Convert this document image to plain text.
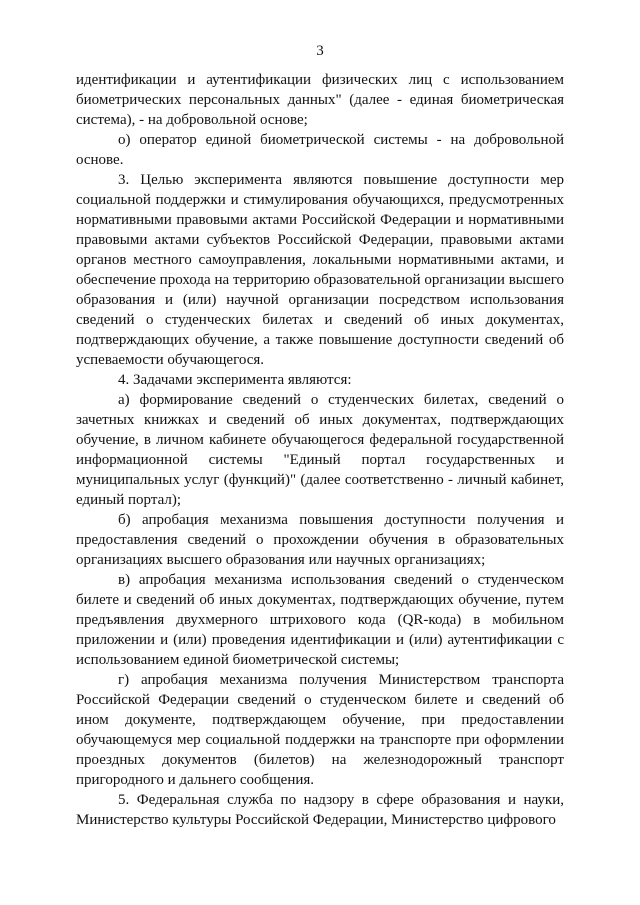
3

идентификации и аутентификации физических лиц с использованием биометрических персональных данных" (далее - единая биометрическая система), - на добровольной основе;

о) оператор единой биометрической системы - на добровольной основе.

3. Целью эксперимента являются повышение доступности мер социальной поддержки и стимулирования обучающихся, предусмотренных нормативными правовыми актами Российской Федерации и нормативными правовыми актами субъектов Российской Федерации, правовыми актами органов местного самоуправления, локальными нормативными актами, и обеспечение прохода на территорию образовательной организации высшего образования и (или) научной организации посредством использования сведений о студенческих билетах и сведений об иных документах, подтверждающих обучение, а также повышение доступности сведений об успеваемости обучающегося.

4. Задачами эксперимента являются:

а) формирование сведений о студенческих билетах, сведений о зачетных книжках и сведений об иных документах, подтверждающих обучение, в личном кабинете обучающегося федеральной государственной информационной системы "Единый портал государственных и муниципальных услуг (функций)" (далее соответственно - личный кабинет, единый портал);

б) апробация механизма повышения доступности получения и предоставления сведений о прохождении обучения в образовательных организациях высшего образования или научных организациях;

в) апробация механизма использования сведений о студенческом билете и сведений об иных документах, подтверждающих обучение, путем предъявления двухмерного штрихового кода (QR-кода) в мобильном приложении и (или) проведения идентификации и (или) аутентификации с использованием единой биометрической системы;

г) апробация механизма получения Министерством транспорта Российской Федерации сведений о студенческом билете и сведений об ином документе, подтверждающем обучение, при предоставлении обучающемуся мер социальной поддержки на транспорте при оформлении проездных документов (билетов) на железнодорожный транспорт пригородного и дальнего сообщения.

5. Федеральная служба по надзору в сфере образования и науки, Министерство культуры Российской Федерации, Министерство цифрового
